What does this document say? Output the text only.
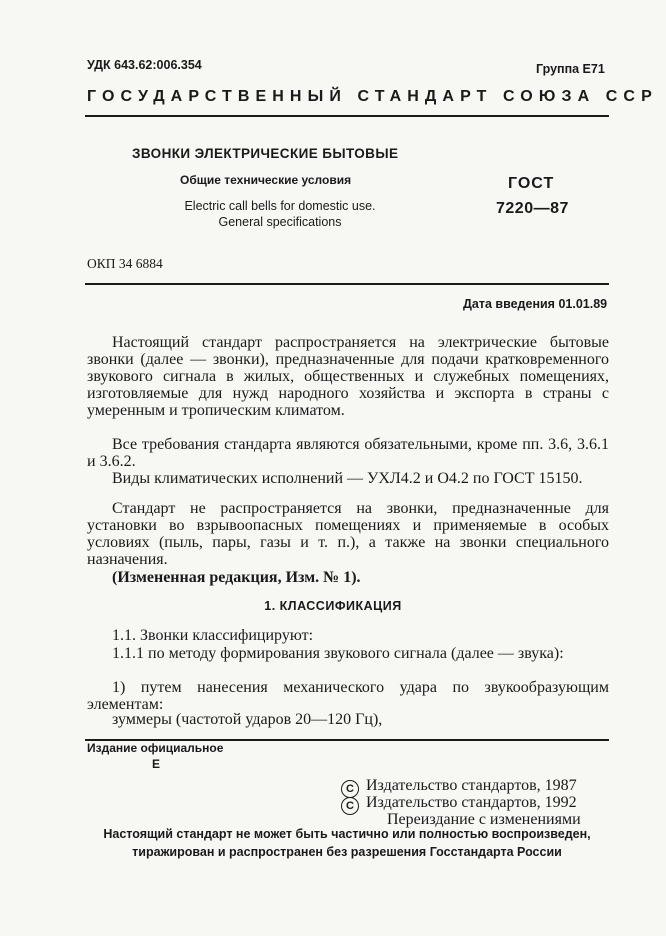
УДК 643.62:006.354	Группа Е71
ГОСУДАРСТВЕННЫЙ СТАНДАРТ СОЮЗА ССР
ЗВОНКИ ЭЛЕКТРИЧЕСКИЕ БЫТОВЫЕ
Общие технические условия
Electric call bells for domestic use.
General specifications
ГОСТ
7220—87
ОКП 34 6884
Дата введения 01.01.89
Настоящий стандарт распространяется на электрические бытовые звонки (далее — звонки), предназначенные для подачи кратковременного звукового сигнала в жилых, общественных и служебных помещениях, изготовляемые для нужд народного хозяйства и экспорта в страны с умеренным и тропическим климатом.
Все требования стандарта являются обязательными, кроме пп. 3.6, 3.6.1 и 3.6.2.
Виды климатических исполнений — УХЛ4.2 и О4.2 по ГОСТ 15150.
Стандарт не распространяется на звонки, предназначенные для установки во взрывоопасных помещениях и применяемые в особых условиях (пыль, пары, газы и т. п.), а также на звонки специального назначения.
(Измененная редакция, Изм. № 1).
1. КЛАССИФИКАЦИЯ
1.1. Звонки классифицируют:
1.1.1 по методу формирования звукового сигнала (далее — звука):
1) путем нанесения механического удара по звукообразующим элементам:
зуммеры (частотой ударов 20—120 Гц),
Издание официальное
Е
С Издательство стандартов, 1987
С Издательство стандартов, 1992
Переиздание с изменениями
Настоящий стандарт не может быть частично или полностью воспроизведен,
тиражирован и распространен без разрешения Госстандарта России
